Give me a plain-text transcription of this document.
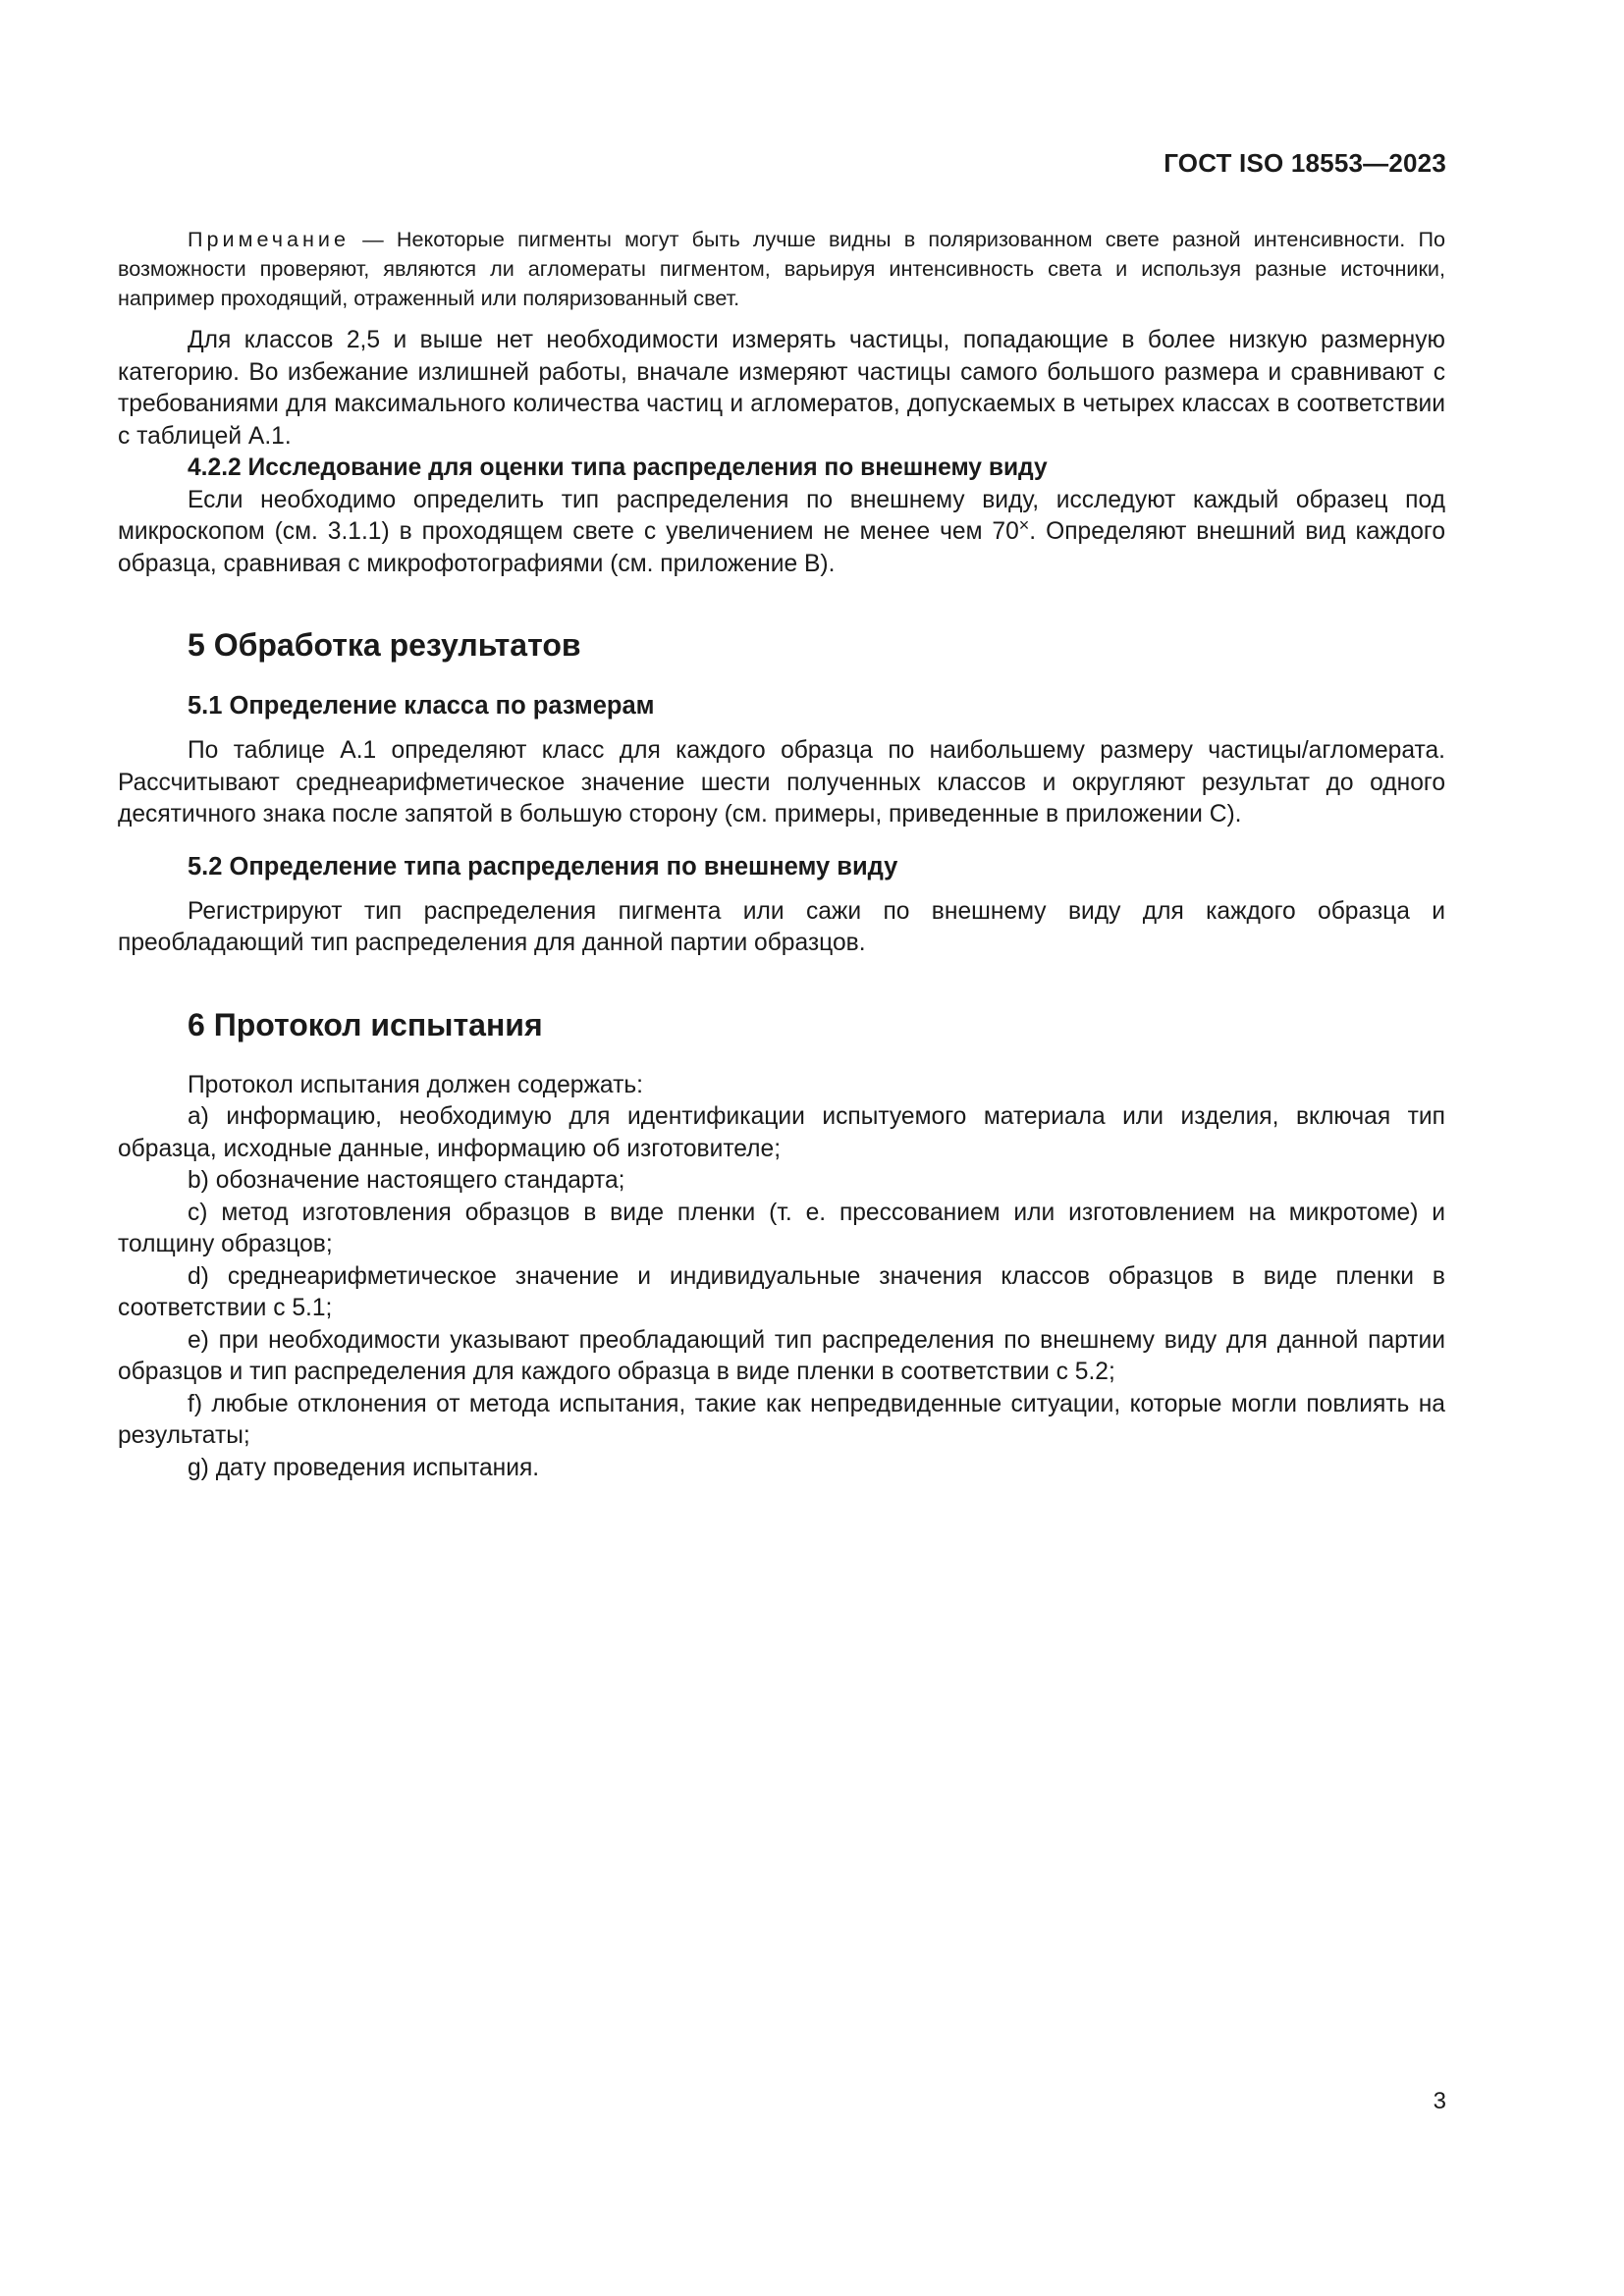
ГОСТ ISO 18553—2023

Примечание — Некоторые пигменты могут быть лучше видны в поляризованном свете разной интенсивности. По возможности проверяют, являются ли агломераты пигментом, варьируя интенсивность света и используя разные источники, например проходящий, отраженный или поляризованный свет.

Для классов 2,5 и выше нет необходимости измерять частицы, попадающие в более низкую размерную категорию. Во избежание излишней работы, вначале измеряют частицы самого большого размера и сравнивают с требованиями для максимального количества частиц и агломератов, допускаемых в четырех классах в соответствии с таблицей А.1.

4.2.2 Исследование для оценки типа распределения по внешнему виду

Если необходимо определить тип распределения по внешнему виду, исследуют каждый образец под микроскопом (см. 3.1.1) в проходящем свете с увеличением не менее чем 70×. Определяют внешний вид каждого образца, сравнивая с микрофотографиями (см. приложение B).

5 Обработка результатов
5.1 Определение класса по размерам

По таблице А.1 определяют класс для каждого образца по наибольшему размеру частицы/агломерата. Рассчитывают среднеарифметическое значение шести полученных классов и округляют результат до одного десятичного знака после запятой в большую сторону (см. примеры, приведенные в приложении С).

5.2 Определение типа распределения по внешнему виду

Регистрируют тип распределения пигмента или сажи по внешнему виду для каждого образца и преобладающий тип распределения для данной партии образцов.

6 Протокол испытания

Протокол испытания должен содержать:

a) информацию, необходимую для идентификации испытуемого материала или изделия, включая тип образца, исходные данные, информацию об изготовителе;

b) обозначение настоящего стандарта;

c) метод изготовления образцов в виде пленки (т. е. прессованием или изготовлением на микротоме) и толщину образцов;

d) среднеарифметическое значение и индивидуальные значения классов образцов в виде пленки в соответствии с 5.1;

e) при необходимости указывают преобладающий тип распределения по внешнему виду для данной партии образцов и тип распределения для каждого образца в виде пленки в соответствии с 5.2;

f) любые отклонения от метода испытания, такие как непредвиденные ситуации, которые могли повлиять на результаты;

g) дату проведения испытания.

3
